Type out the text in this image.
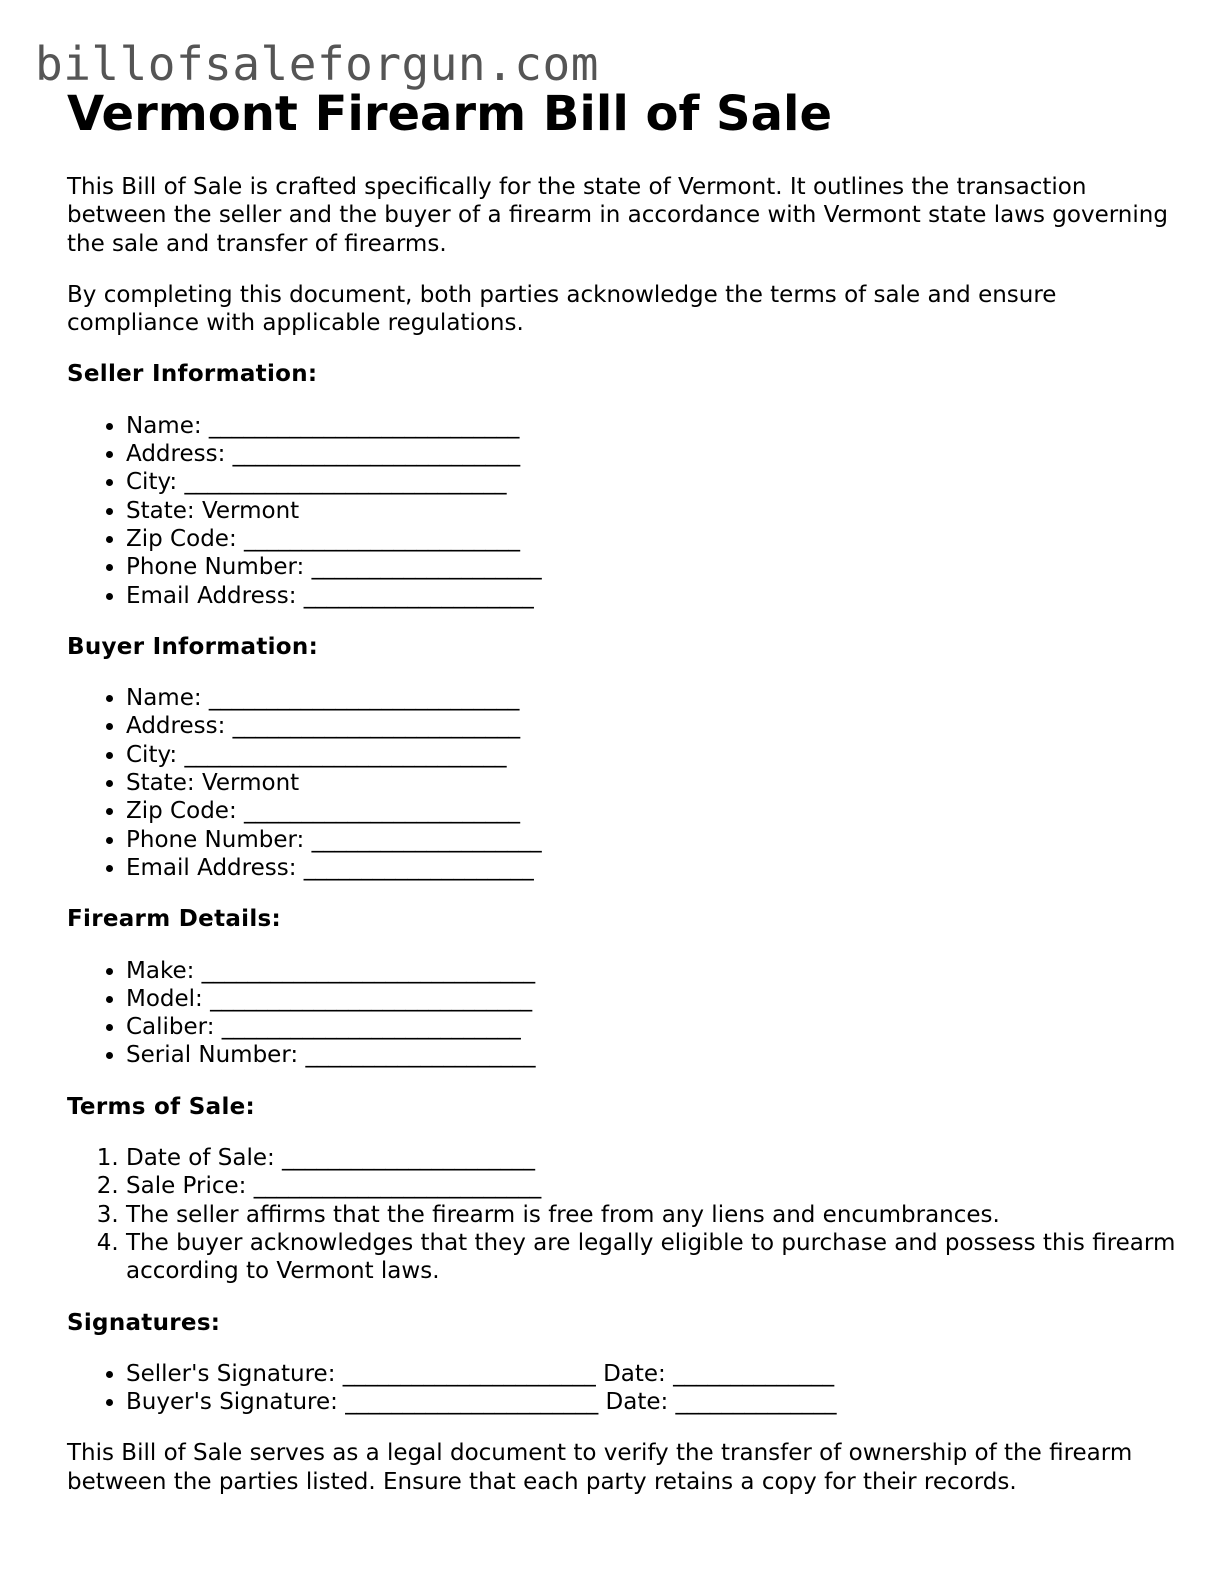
billofsaleforgun.com
Vermont Firearm Bill of Sale

This Bill of Sale is crafted specifically for the state of Vermont. It outlines the transaction between the seller and the buyer of a firearm in accordance with Vermont state laws governing the sale and transfer of firearms.

By completing this document, both parties acknowledge the terms of sale and ensure compliance with applicable regulations.

Seller Information:
• Name: ___________________________
• Address: _________________________
• City: ____________________________
• State: Vermont
• Zip Code: ________________________
• Phone Number: ____________________
• Email Address: ____________________
Buyer Information:
• Name: ___________________________
• Address: _________________________
• City: ____________________________
• State: Vermont
• Zip Code: ________________________
• Phone Number: ____________________
• Email Address: ____________________
Firearm Details:
• Make: _____________________________
• Model: ____________________________
• Caliber: __________________________
• Serial Number: ____________________
Terms of Sale:
1. Date of Sale: ______________________
2. Sale Price: _________________________
3. The seller affirms that the firearm is free from any liens and encumbrances.
4. The buyer acknowledges that they are legally eligible to purchase and possess this firearm according to Vermont laws.
Signatures:
• Seller's Signature: ______________________ Date: ______________
• Buyer's Signature: ______________________ Date: ______________

This Bill of Sale serves as a legal document to verify the transfer of ownership of the firearm between the parties listed. Ensure that each party retains a copy for their records.
